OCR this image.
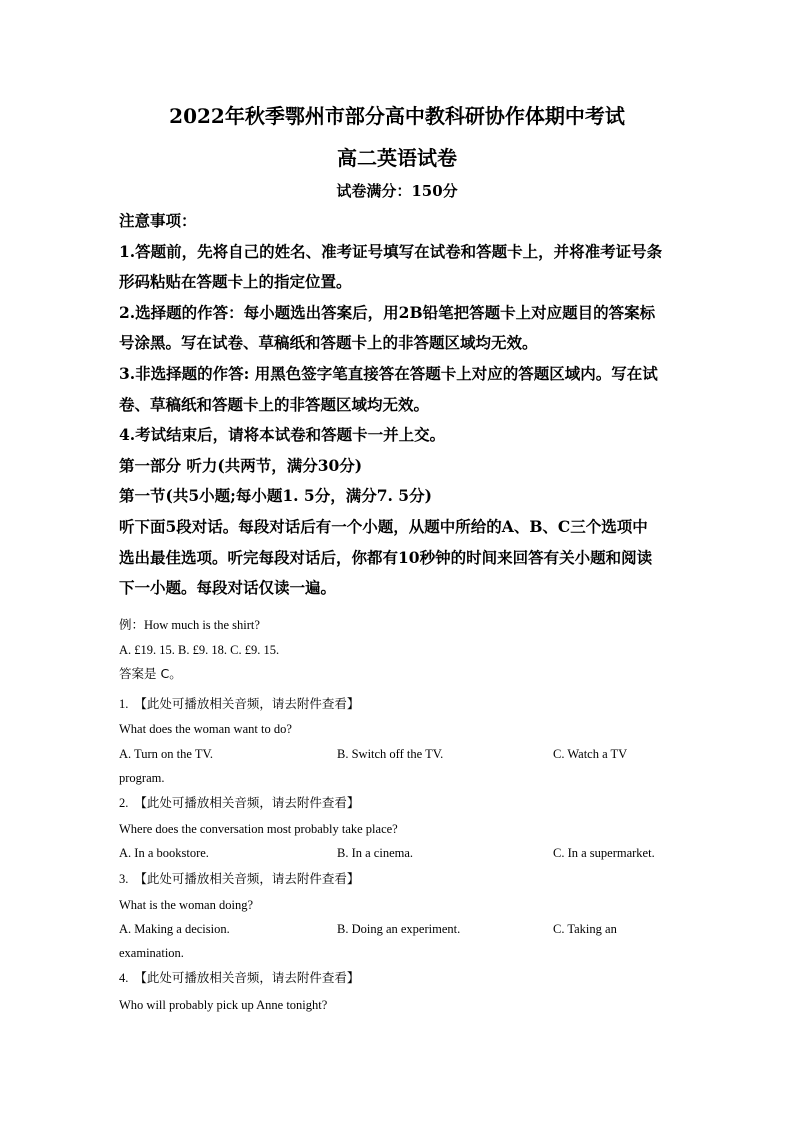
2022年秋季鄂州市部分高中教科研协作体期中考试
高二英语试卷
试卷满分：150分
注意事项：
1.答题前，先将自己的姓名、准考证号填写在试卷和答题卡上，并将准考证号条
形码粘贴在答题卡上的指定位置。
2.选择题的作答：每小题选出答案后，用2B铅笔把答题卡上对应题目的答案标
号涂黑。写在试卷、草稿纸和答题卡上的非答题区域均无效。
3.非选择题的作答: 用黑色签字笔直接答在答题卡上对应的答题区域内。写在试
卷、草稿纸和答题卡上的非答题区域均无效。
4.考试结束后，请将本试卷和答题卡一并上交。
第一部分 听力(共两节，满分30分)
第一节(共5小题;每小题1. 5分，满分7. 5分)
听下面5段对话。每段对话后有一个小题，从题中所给的A、B、C三个选项中
选出最佳选项。听完每段对话后，你都有10秒钟的时间来回答有关小题和阅读
下一小题。每段对话仅读一遍。
例：How much is the shirt?
A. £19. 15. B. £9. 18. C. £9. 15.
答案是 C。
1. 【此处可播放相关音频，请去附件查看】
What does the woman want to do?
A. Turn on the TV.	B. Switch off the TV.	C. Watch a TV
program.
2. 【此处可播放相关音频，请去附件查看】
Where does the conversation most probably take place?
A. In a bookstore.	B. In a cinema.	C. In a supermarket.
3. 【此处可播放相关音频，请去附件查看】
What is the woman doing?
A. Making a decision.	B. Doing an experiment.	C. Taking an
examination.
4. 【此处可播放相关音频，请去附件查看】
Who will probably pick up Anne tonight?
